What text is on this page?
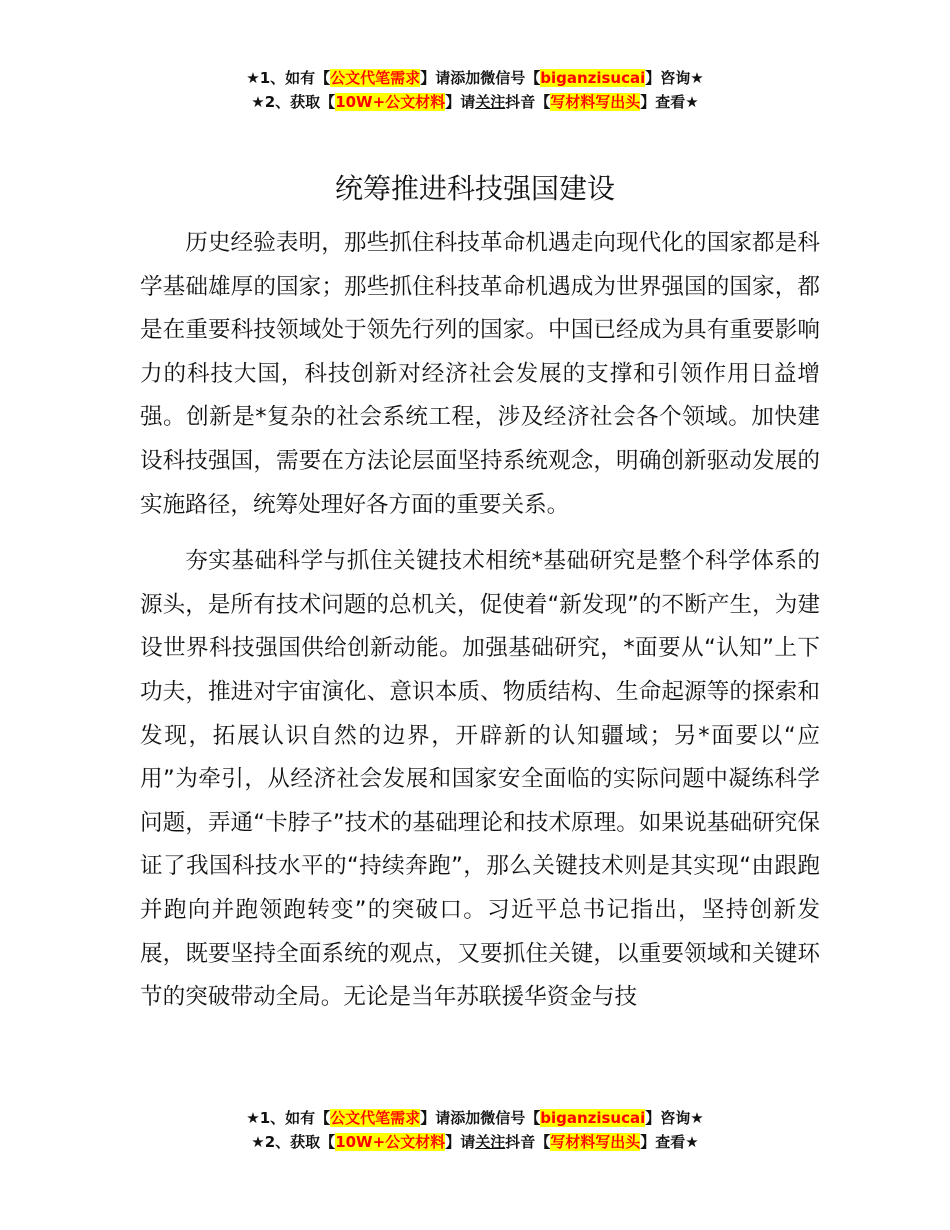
★1、如有【公文代笔需求】请添加微信号【biganzisucai】咨询★
★2、获取【10W+公文材料】请关注抖音【写材料写出头】查看★
统筹推进科技强国建设

历史经验表明，那些抓住科技革命机遇走向现代化的国家都是科学基础雄厚的国家；那些抓住科技革命机遇成为世界强国的国家，都是在重要科技领域处于领先行列的国家。中国已经成为具有重要影响力的科技大国，科技创新对经济社会发展的支撑和引领作用日益增强。创新是*复杂的社会系统工程，涉及经济社会各个领域。加快建设科技强国，需要在方法论层面坚持系统观念，明确创新驱动发展的实施路径，统筹处理好各方面的重要关系。

夯实基础科学与抓住关键技术相统*基础研究是整个科学体系的源头，是所有技术问题的总机关，促使着“新发现”的不断产生，为建设世界科技强国供给创新动能。加强基础研究，*面要从“认知”上下功夫，推进对宇宙演化、意识本质、物质结构、生命起源等的探索和发现，拓展认识自然的边界，开辟新的认知疆域；另*面要以“应用”为牵引，从经济社会发展和国家安全面临的实际问题中凝练科学问题，弄通“卡脖子”技术的基础理论和技术原理。如果说基础研究保证了我国科技水平的“持续奔跑”，那么关键技术则是其实现“由跟跑并跑向并跑领跑转变”的突破口。习近平总书记指出，坚持创新发展，既要坚持全面系统的观点，又要抓住关键，以重要领域和关键环节的突破带动全局。无论是当年苏联援华资金与技

★1、如有【公文代笔需求】请添加微信号【biganzisucai】咨询★
★2、获取【10W+公文材料】请关注抖音【写材料写出头】查看★
